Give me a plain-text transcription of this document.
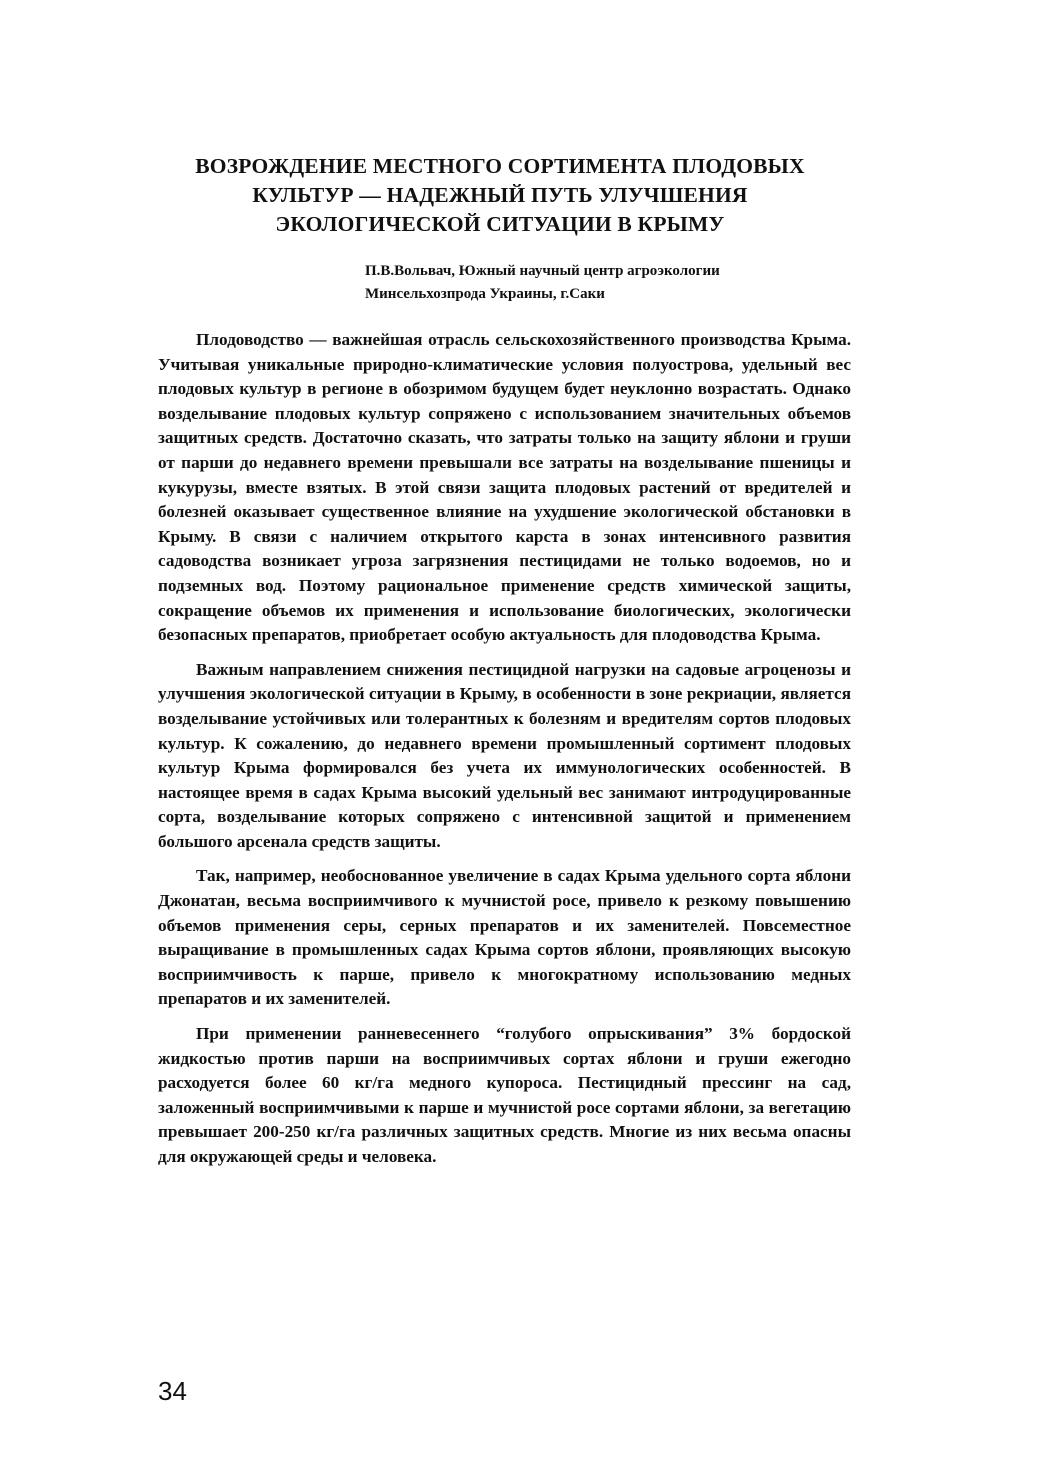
ВОЗРОЖДЕНИЕ МЕСТНОГО СОРТИМЕНТА ПЛОДОВЫХ
КУЛЬТУР — НАДЕЖНЫЙ ПУТЬ УЛУЧШЕНИЯ
ЭКОЛОГИЧЕСКОЙ СИТУАЦИИ В КРЫМУ
П.В.Вольвач, Южный научный центр агроэкологии
Минсельхозпрода Украины, г.Саки

Плодоводство — важнейшая отрасль сельскохозяйственного производства Крыма. Учитывая уникальные природно-климатические условия полуострова, удельный вес плодовых культур в регионе в обозримом будущем будет неуклонно возрастать. Однако возделывание плодовых культур сопряжено с использованием значительных объемов защитных средств. Достаточно сказать, что затраты только на защиту яблони и груши от парши до недавнего времени превышали все затраты на возделывание пшеницы и кукурузы, вместе взятых. В этой связи защита плодовых растений от вредителей и болезней оказывает существенное влияние на ухудшение экологической обстановки в Крыму. В связи с наличием открытого карста в зонах интенсивного развития садоводства возникает угроза загрязнения пестицидами не только водоемов, но и подземных вод. Поэтому рациональное применение средств химической защиты, сокращение объемов их применения и использование биологических, экологически безопасных препаратов, приобретает особую актуальность для плодоводства Крыма.

Важным направлением снижения пестицидной нагрузки на садовые агроценозы и улучшения экологической ситуации в Крыму, в особенности в зоне рекриации, является возделывание устойчивых или толерантных к болезням и вредителям сортов плодовых культур. К сожалению, до недавнего времени промышленный сортимент плодовых культур Крыма формировался без учета их иммунологических особенностей. В настоящее время в садах Крыма высокий удельный вес занимают интродуцированные сорта, возделывание которых сопряжено с интенсивной защитой и применением большого арсенала средств защиты.

Так, например, необоснованное увеличение в садах Крыма удельного сорта яблони Джонатан, весьма восприимчивого к мучнистой росе, привело к резкому повышению объемов применения серы, серных препаратов и их заменителей. Повсеместное выращивание в промышленных садах Крыма сортов яблони, проявляющих высокую восприимчивость к парше, привело к многократному использованию медных препаратов и их заменителей.

При применении ранневесеннего “голубого опрыскивания” 3% бордоской жидкостью против парши на восприимчивых сортах яблони и груши ежегодно расходуется более 60 кг/га медного купороса. Пестицидный прессинг на сад, заложенный восприимчивыми к парше и мучнистой росе сортами яблони, за вегетацию превышает 200-250 кг/га различных защитных средств. Многие из них весьма опасны для окружающей среды и человека.

34
